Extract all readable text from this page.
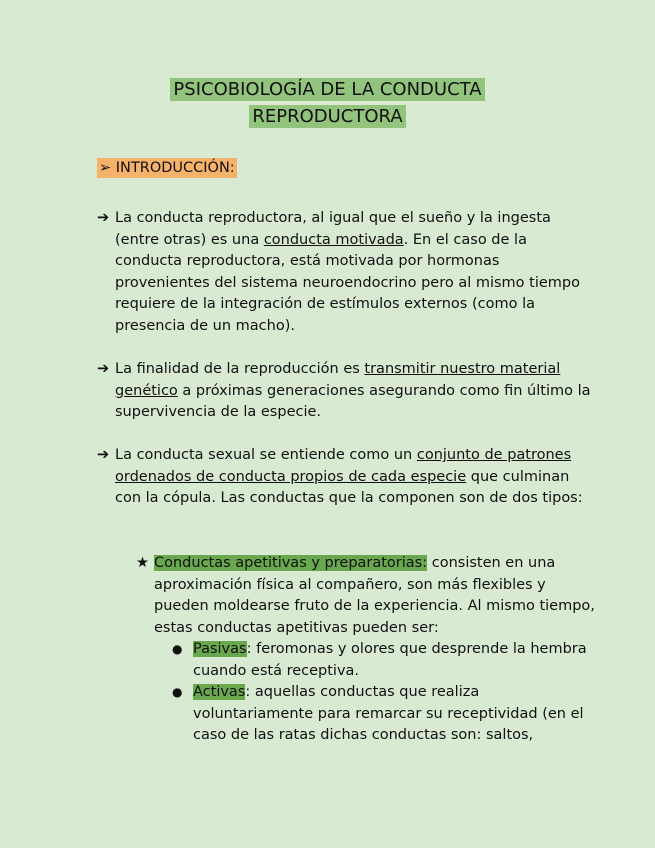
PSICOBIOLOGÍA DE LA CONDUCTA
REPRODUCTORA
➢ INTRODUCCIÓN:
➔ La conducta reproductora, al igual que el sueño y la ingesta (entre otras) es una conducta motivada. En el caso de la conducta reproductora, está motivada por hormonas provenientes del sistema neuroendocrino pero al mismo tiempo requiere de la integración de estímulos externos (como la presencia de un macho).
➔ La finalidad de la reproducción es transmitir nuestro material genético a próximas generaciones asegurando como fin último la supervivencia de la especie.
➔ La conducta sexual se entiende como un conjunto de patrones ordenados de conducta propios de cada especie que culminan con la cópula. Las conductas que la componen son de dos tipos:
★ Conductas apetitivas y preparatorias: consisten en una aproximación física al compañero, son más flexibles y pueden moldearse fruto de la experiencia. Al mismo tiempo, estas conductas apetitivas pueden ser:
● Pasivas: feromonas y olores que desprende la hembra cuando está receptiva.
● Activas: aquellas conductas que realiza voluntariamente para remarcar su receptividad (en el caso de las ratas dichas conductas son: saltos,
